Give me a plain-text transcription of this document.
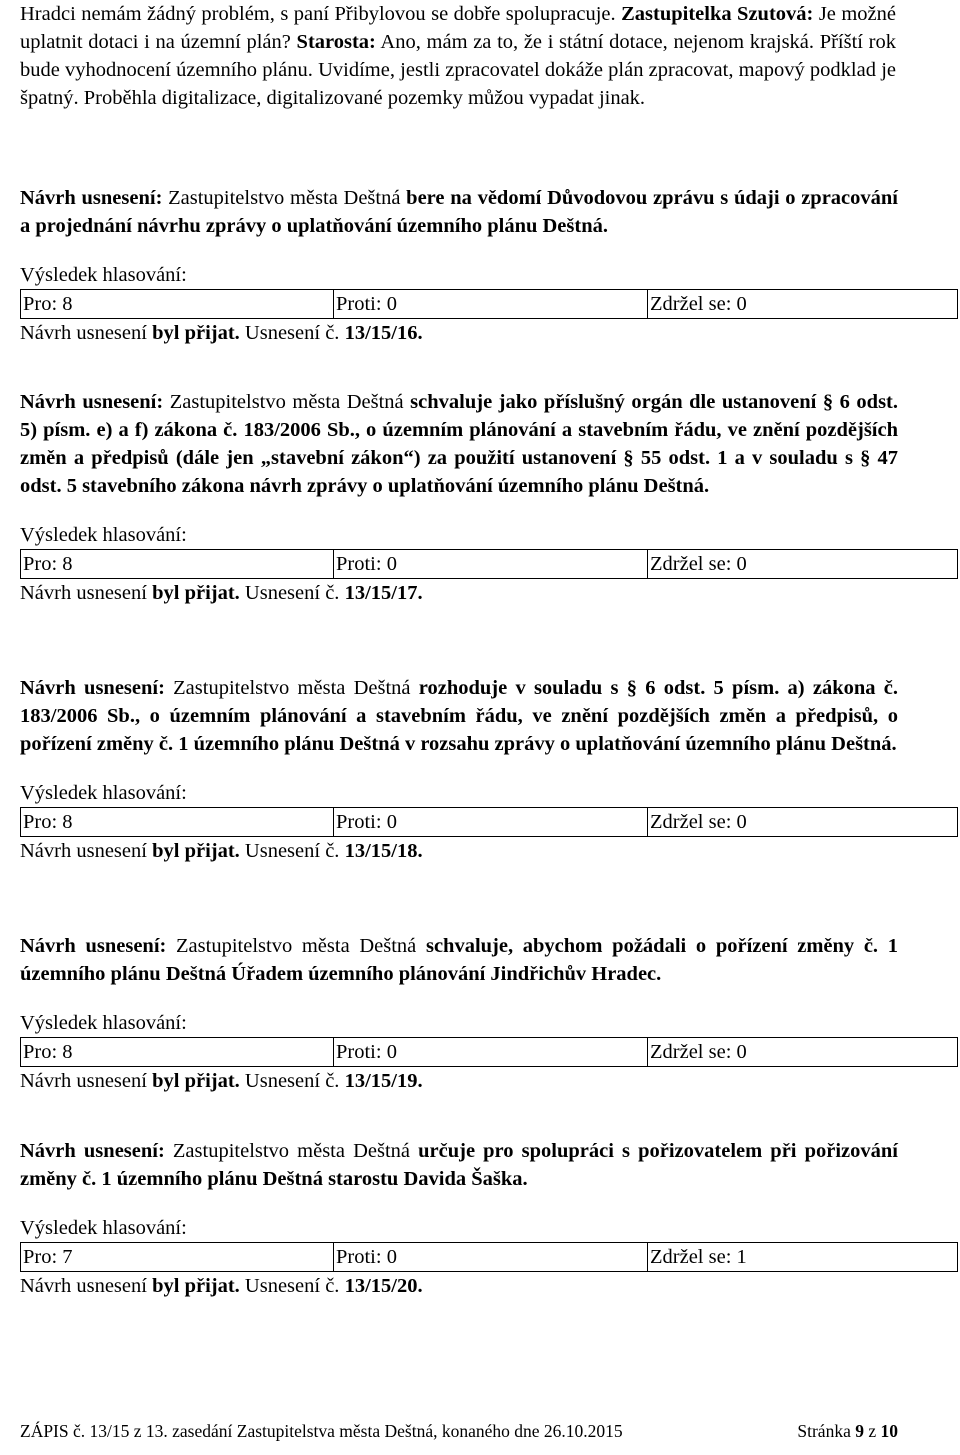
Hradci nemám žádný problém, s paní Přibylovou se dobře spolupracuje. Zastupitelka Szutová: Je možné uplatnit dotaci i na územní plán? Starosta: Ano, mám za to, že i státní dotace, nejenom krajská. Příští rok bude vyhodnocení územního plánu. Uvidíme, jestli zpracovatel dokáže plán zpracovat, mapový podklad je špatný. Proběhla digitalizace, digitalizované pozemky můžou vypadat jinak.
Návrh usnesení: Zastupitelstvo města Deštná bere na vědomí Důvodovou zprávu s údaji o zpracování a projednání návrhu zprávy o uplatňování územního plánu Deštná.
Výsledek hlasování:
Pro: 8	Proti: 0	Zdržel se: 0
Návrh usnesení byl přijat. Usnesení č. 13/15/16.
Návrh usnesení: Zastupitelstvo města Deštná schvaluje jako příslušný orgán dle ustanovení § 6 odst. 5) písm. e) a f) zákona č. 183/2006 Sb., o územním plánování a stavebním řádu, ve znění pozdějších změn a předpisů (dále jen „stavební zákon“) za použití ustanovení § 55 odst. 1 a v souladu s § 47 odst. 5 stavebního zákona návrh zprávy o uplatňování územního plánu Deštná.
Výsledek hlasování:
Pro: 8	Proti: 0	Zdržel se: 0
Návrh usnesení byl přijat. Usnesení č. 13/15/17.
Návrh usnesení: Zastupitelstvo města Deštná rozhoduje v souladu s § 6 odst. 5 písm. a) zákona č. 183/2006 Sb., o územním plánování a stavebním řádu, ve znění pozdějších změn a předpisů, o pořízení změny č. 1 územního plánu Deštná v rozsahu zprávy o uplatňování územního plánu Deštná.
Výsledek hlasování:
Pro: 8	Proti: 0	Zdržel se: 0
Návrh usnesení byl přijat. Usnesení č. 13/15/18.
Návrh usnesení: Zastupitelstvo města Deštná schvaluje, abychom požádali o pořízení změny č. 1 územního plánu Deštná Úřadem územního plánování Jindřichův Hradec.
Výsledek hlasování:
Pro: 8	Proti: 0	Zdržel se: 0
Návrh usnesení byl přijat. Usnesení č. 13/15/19.
Návrh usnesení: Zastupitelstvo města Deštná určuje pro spolupráci s pořizovatelem při pořizování změny č. 1 územního plánu Deštná starostu Davida Šaška.
Výsledek hlasování:
Pro: 7	Proti: 0	Zdržel se: 1
Návrh usnesení byl přijat. Usnesení č. 13/15/20.
ZÁPIS č. 13/15 z 13. zasedání Zastupitelstva města Deštná, konaného dne 26.10.2015	Stránka 9 z 10
